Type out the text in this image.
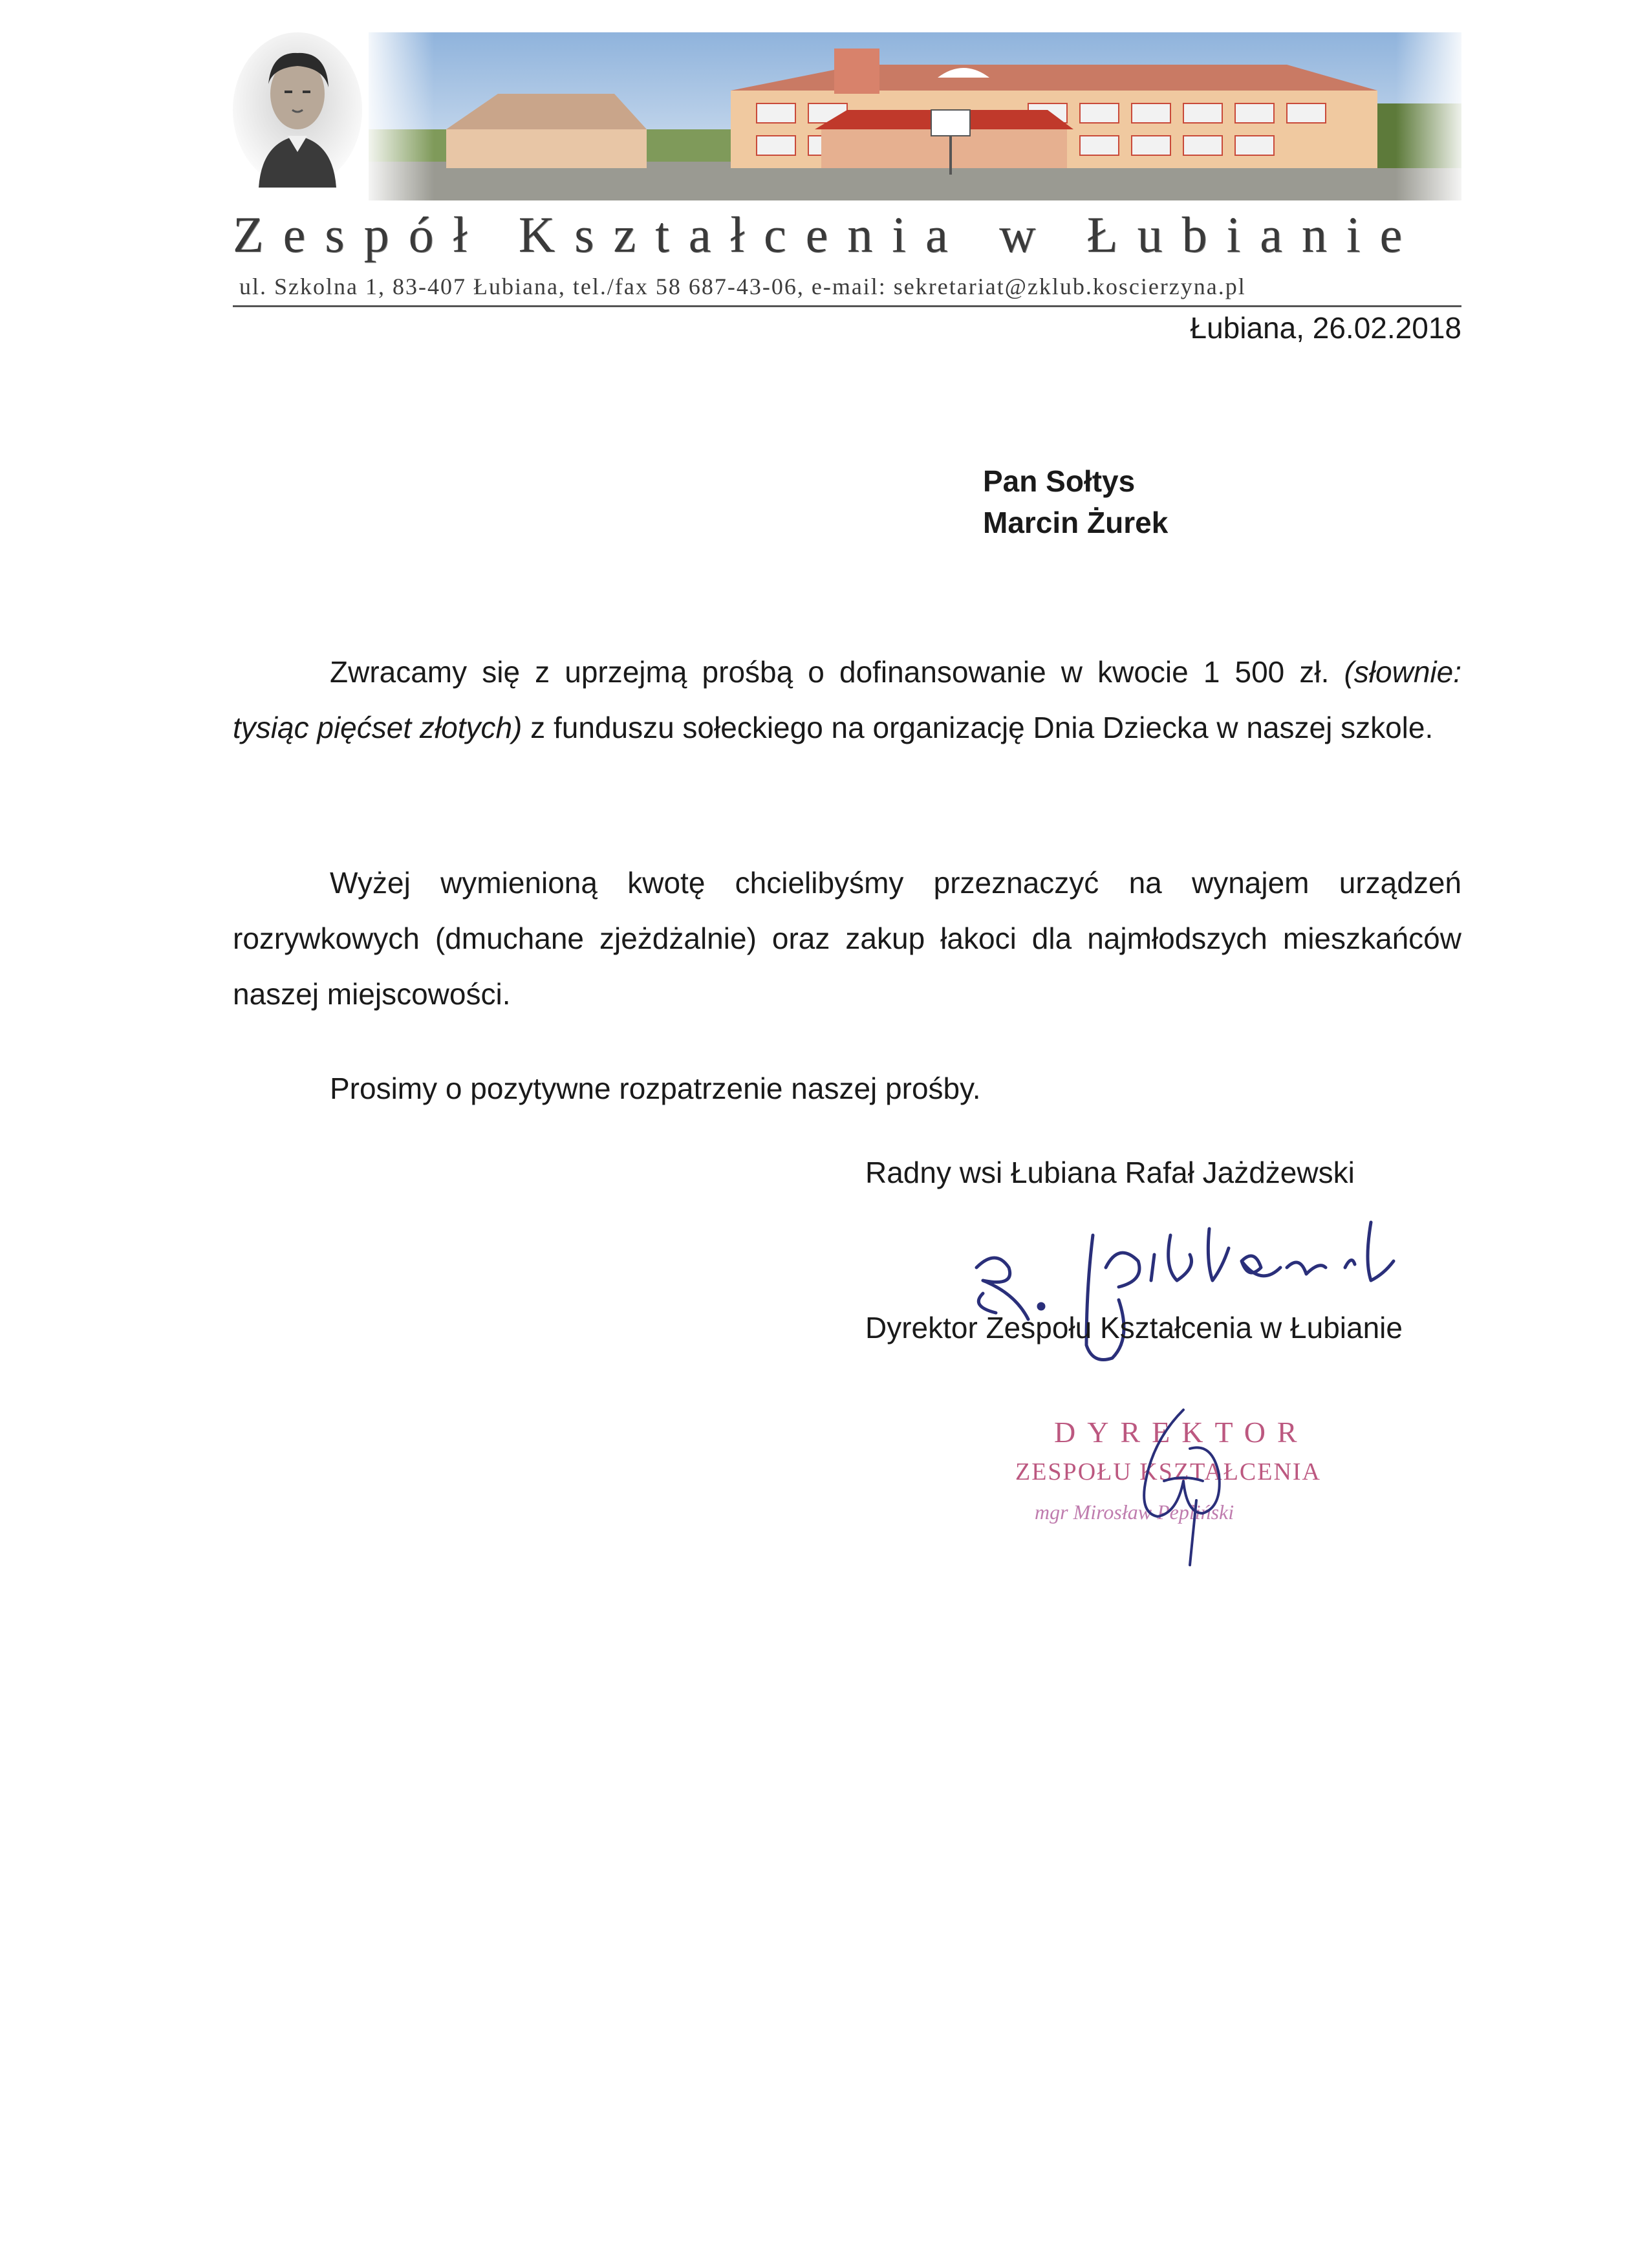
Zespół Kształcenia w Łubianie
ul. Szkolna 1, 83-407 Łubiana, tel./fax 58 687-43-06, e-mail: sekretariat@zklub.koscierzyna.pl
Łubiana, 26.02.2018
Pan Sołtys
Marcin Żurek
Zwracamy się z uprzejmą prośbą o dofinansowanie w kwocie 1 500 zł. (słownie: tysiąc pięćset złotych) z funduszu sołeckiego na organizację Dnia Dziecka w naszej szkole.
Wyżej wymienioną kwotę chcielibyśmy przeznaczyć na wynajem urządzeń rozrywkowych (dmuchane zjeżdżalnie) oraz zakup łakoci dla najmłodszych mieszkańców naszej miejscowości.
Prosimy o pozytywne rozpatrzenie naszej prośby.
Radny wsi Łubiana Rafał Jażdżewski
Dyrektor Zespołu Kształcenia w Łubianie
DYREKTOR
ZESPOŁU KSZTAŁCENIA
mgr Mirosław Pepliński
